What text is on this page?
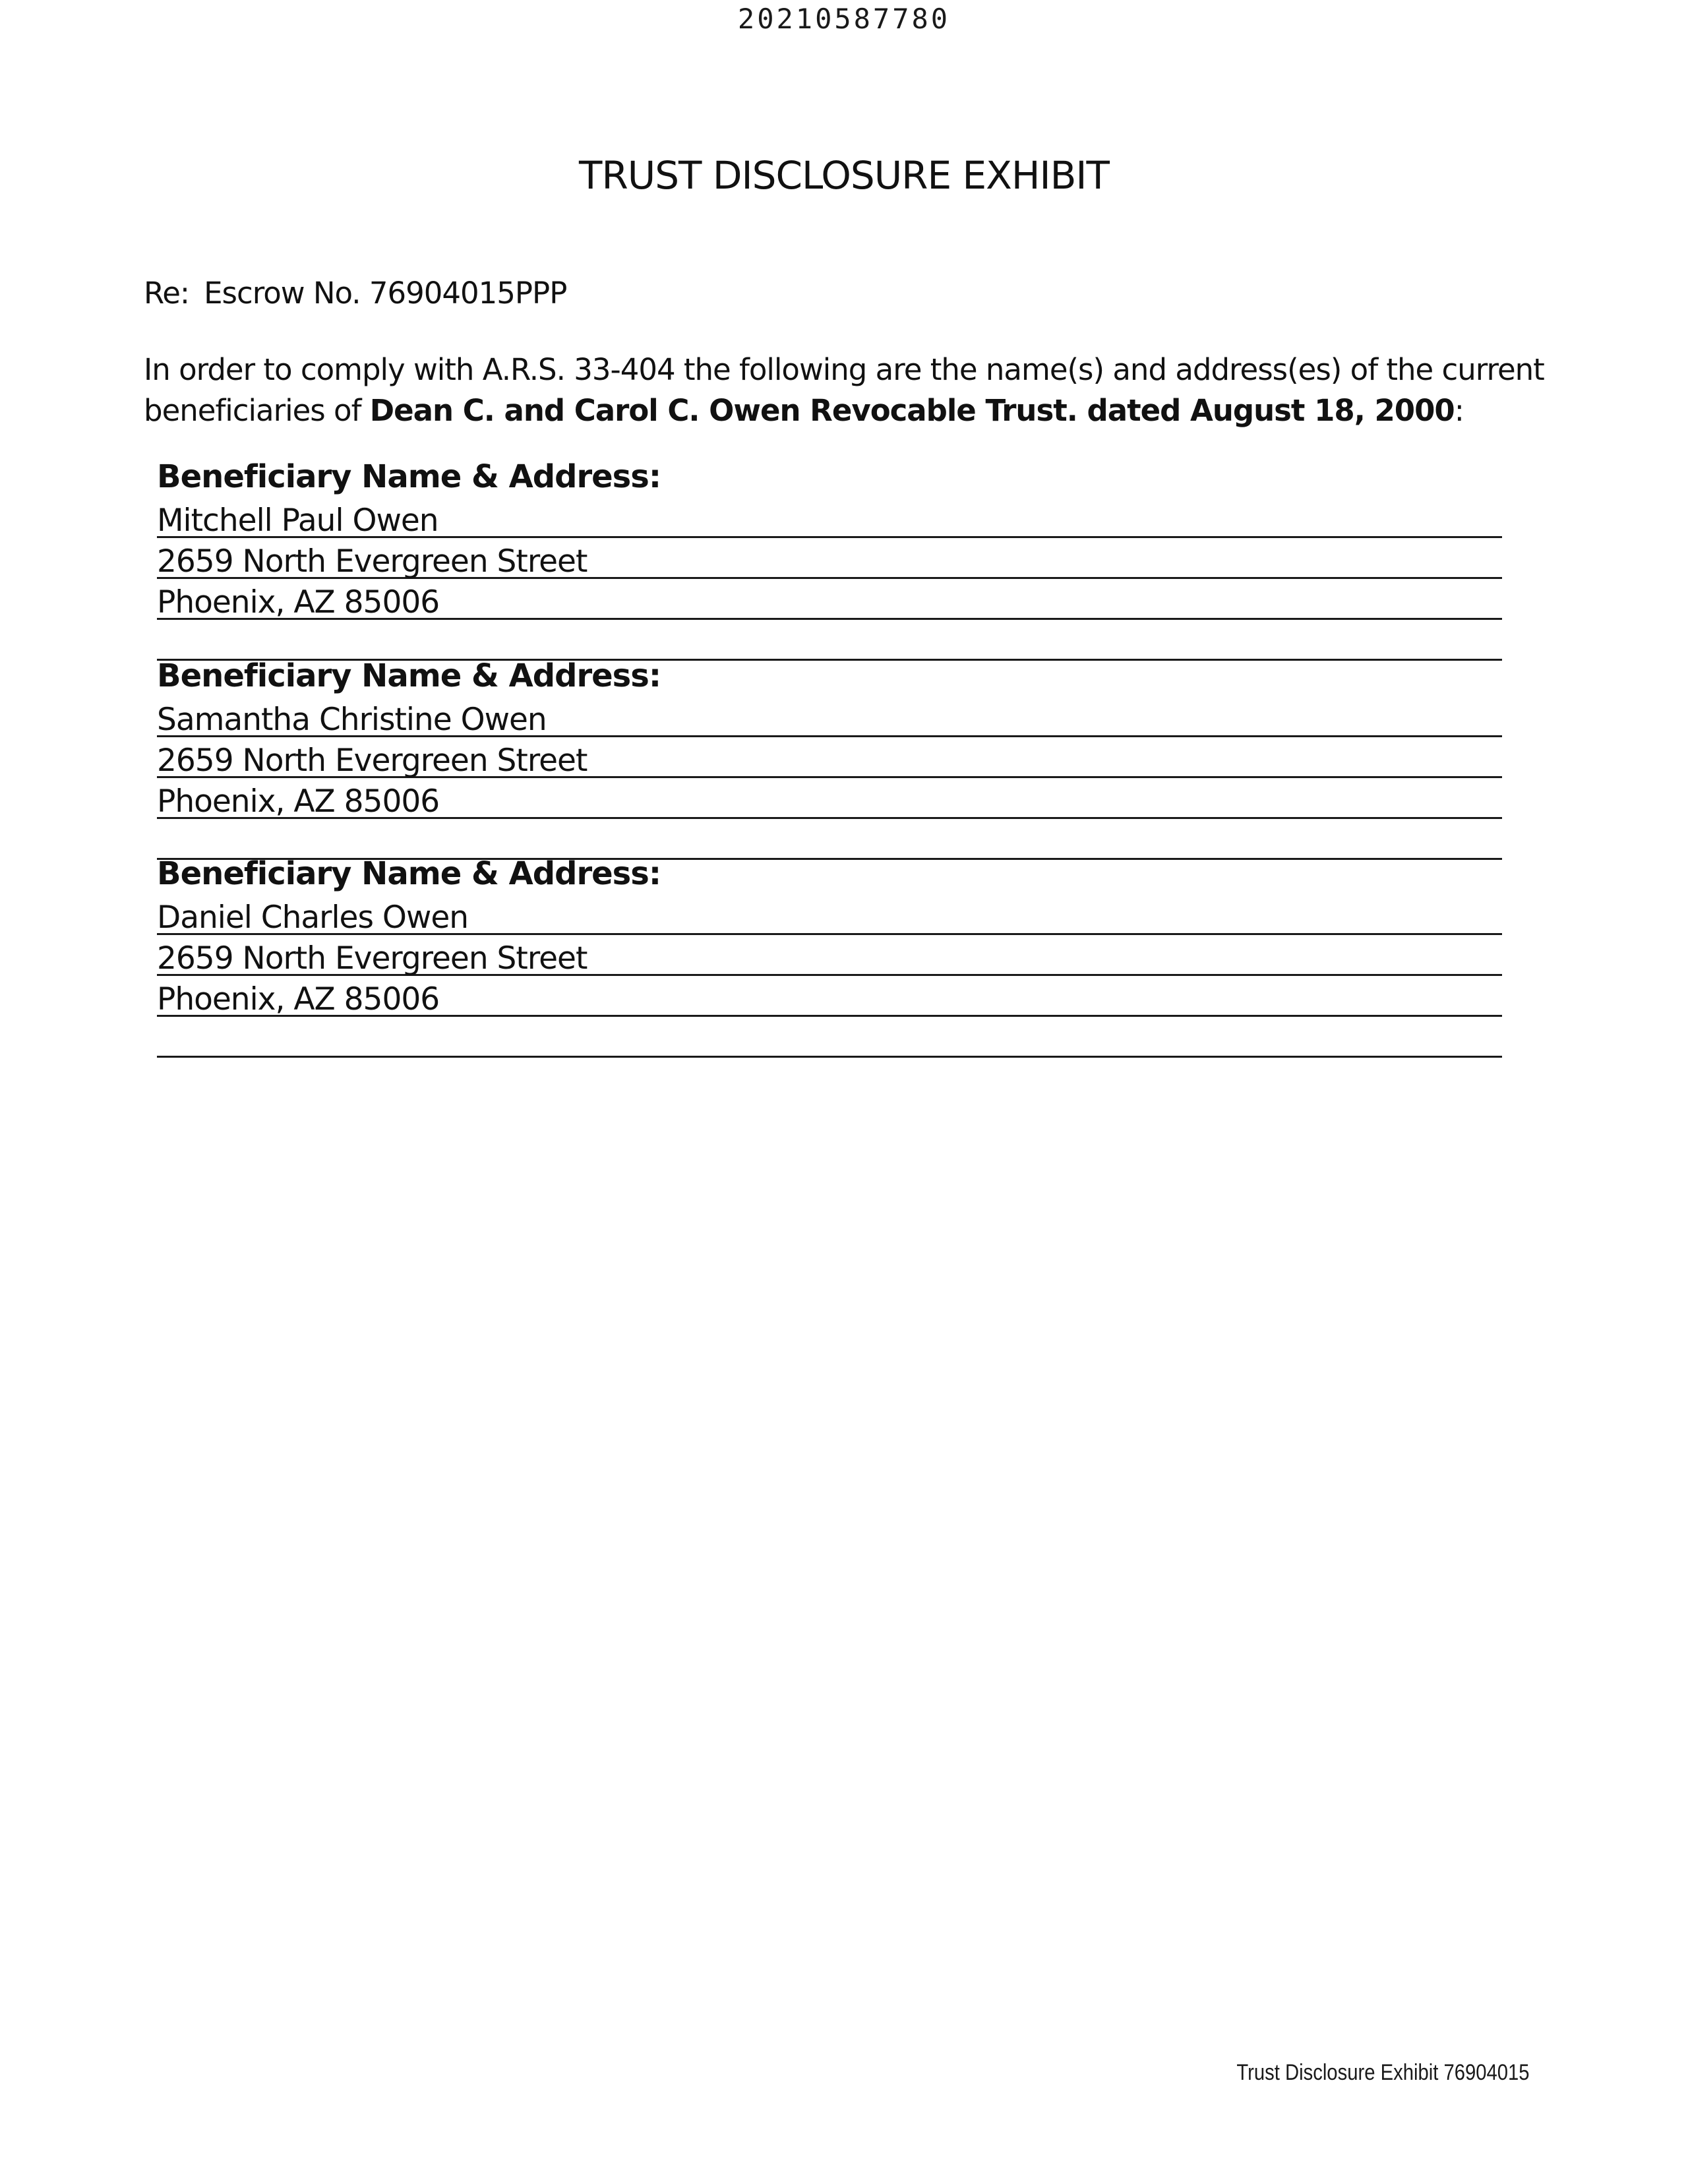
20210587780
TRUST DISCLOSURE EXHIBIT
Re: Escrow No. 76904015PPP
In order to comply with A.R.S. 33-404 the following are the name(s) and address(es) of the current
beneficiaries of Dean C. and Carol C. Owen Revocable Trust. dated August 18, 2000:
Beneficiary Name & Address:
Mitchell Paul Owen
2659 North Evergreen Street
Phoenix, AZ 85006
Beneficiary Name & Address:
Samantha Christine Owen
2659 North Evergreen Street
Phoenix, AZ 85006
Beneficiary Name & Address:
Daniel Charles Owen
2659 North Evergreen Street
Phoenix, AZ 85006
Trust Disclosure Exhibit 76904015
